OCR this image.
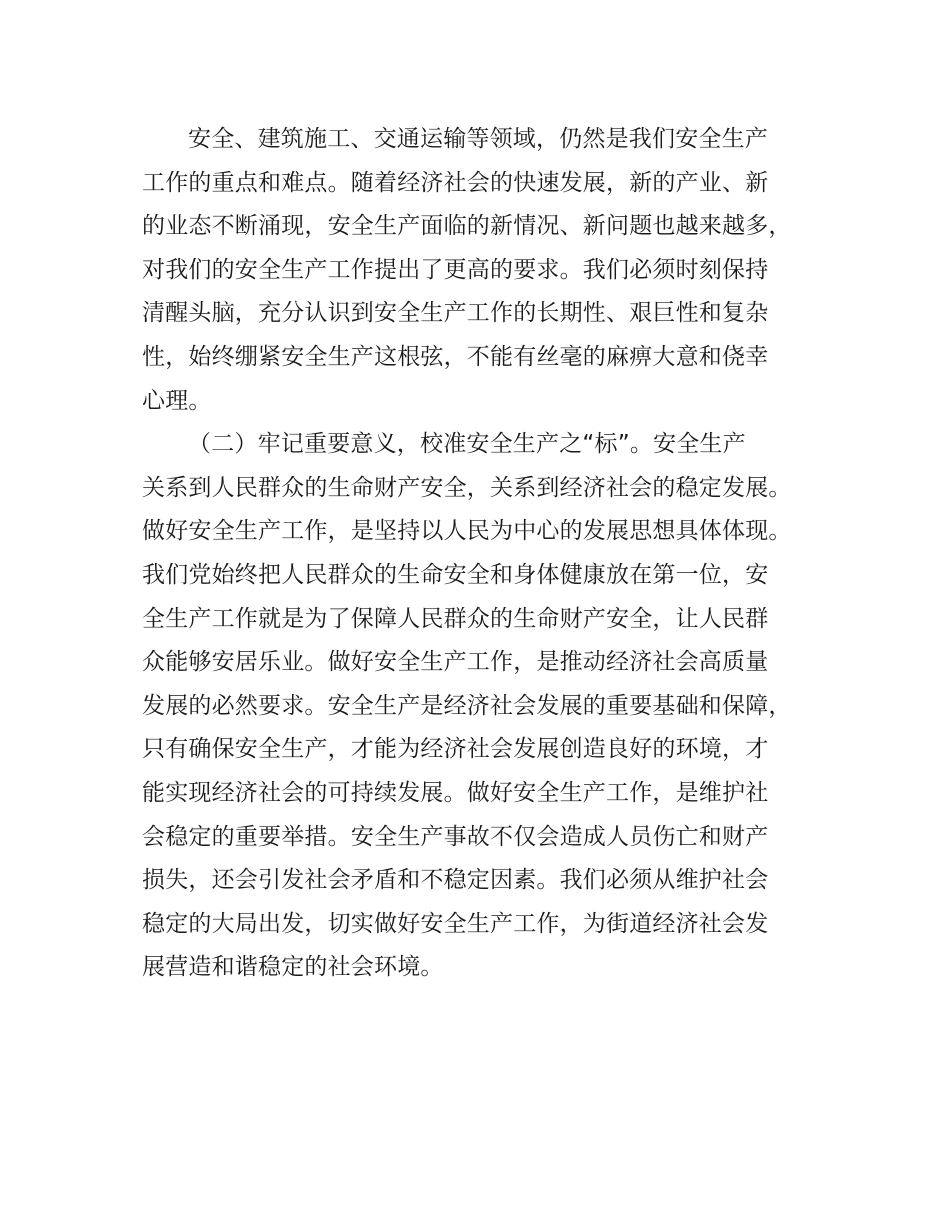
安全、建筑施工、交通运输等领域，仍然是我们安全生产
工作的重点和难点。随着经济社会的快速发展，新的产业、新
的业态不断涌现，安全生产面临的新情况、新问题也越来越多，
对我们的安全生产工作提出了更高的要求。我们必须时刻保持
清醒头脑，充分认识到安全生产工作的长期性、艰巨性和复杂
性，始终绷紧安全生产这根弦，不能有丝毫的麻痹大意和侥幸
心理。
（二）牢记重要意义，校准安全生产之“标”。安全生产
关系到人民群众的生命财产安全，关系到经济社会的稳定发展。
做好安全生产工作，是坚持以人民为中心的发展思想具体体现。
我们党始终把人民群众的生命安全和身体健康放在第一位，安
全生产工作就是为了保障人民群众的生命财产安全，让人民群
众能够安居乐业。做好安全生产工作，是推动经济社会高质量
发展的必然要求。安全生产是经济社会发展的重要基础和保障，
只有确保安全生产，才能为经济社会发展创造良好的环境，才
能实现经济社会的可持续发展。做好安全生产工作，是维护社
会稳定的重要举措。安全生产事故不仅会造成人员伤亡和财产
损失，还会引发社会矛盾和不稳定因素。我们必须从维护社会
稳定的大局出发，切实做好安全生产工作，为街道经济社会发
展营造和谐稳定的社会环境。
